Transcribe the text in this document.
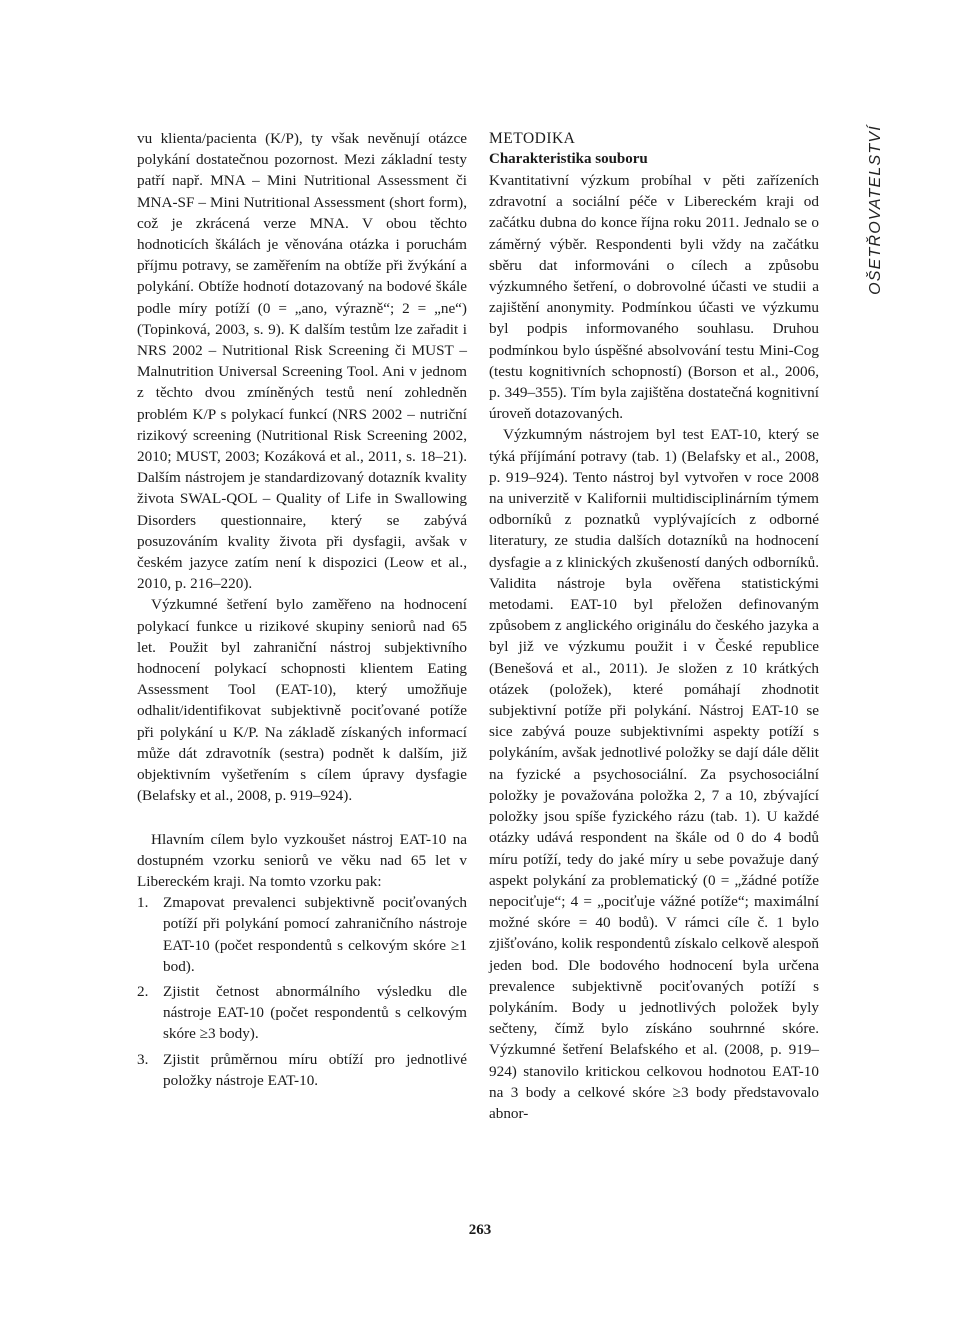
vu klienta/pacienta (K/P), ty však nevěnují otázce polykání dostatečnou pozornost. Mezi základní testy patří např. MNA – Mini Nutritional Assessment či MNA-SF – Mini Nutritional Assessment (short form), což je zkrácená verze MNA. V obou těchto hodnoticích škálách je věnována otázka i poruchám příjmu potravy, se zaměřením na obtíže při žvýkání a polykání. Obtíže hodnotí dotazovaný na bodové škále podle míry potíží (0 = „ano, výrazně“; 2 = „ne“) (Topinková, 2003, s. 9). K dalším testům lze zařadit i NRS 2002 – Nutritional Risk Screening či MUST – Malnutrition Universal Screening Tool. Ani v jednom z těchto dvou zmíněných testů není zohledněn problém K/P s polykací funkcí (NRS 2002 – nutriční rizikový screening (Nutritional Risk Screening 2002, 2010; MUST, 2003; Kozáková et al., 2011, s. 18–21). Dalším nástrojem je standardizovaný dotazník kvality života SWAL-QOL – Quality of Life in Swallowing Disorders questionnaire, který se zabývá posuzováním kvality života při dysfagii, avšak v českém jazyce zatím není k dispozici (Leow et al., 2010, p. 216–220).

Výzkumné šetření bylo zaměřeno na hodnocení polykací funkce u rizikové skupiny seniorů nad 65 let. Použit byl zahraniční nástroj subjektivního hodnocení polykací schopnosti klientem Eating Assessment Tool (EAT-10), který umožňuje odhalit/identifikovat subjektivně pociťované potíže při polykání u K/P. Na základě získaných informací může dát zdravotník (sestra) podnět k dalším, již objektivním vyšetřením s cílem úpravy dysfagie (Belafsky et al., 2008, p. 919–924).

Hlavním cílem bylo vyzkoušet nástroj EAT-10 na dostupném vzorku seniorů ve věku nad 65 let v Libereckém kraji. Na tomto vzorku pak:

1. Zmapovat prevalenci subjektivně pociťovaných potíží při polykání pomocí zahraničního nástroje EAT-10 (počet respondentů s celkovým skóre ≥1 bod).
2. Zjistit četnost abnormálního výsledku dle nástroje EAT-10 (počet respondentů s celkovým skóre ≥3 body).
3. Zjistit průměrnou míru obtíží pro jednotlivé položky nástroje EAT-10.
METODIKA
Charakteristika souboru

Kvantitativní výzkum probíhal v pěti zařízeních zdravotní a sociální péče v Libereckém kraji od začátku dubna do konce října roku 2011. Jednalo se o záměrný výběr. Respondenti byli vždy na začátku sběru dat informováni o cílech a způsobu výzkumného šetření, o dobrovolné účasti ve studii a zajištění anonymity. Podmínkou účasti ve výzkumu byl podpis informovaného souhlasu. Druhou podmínkou bylo úspěšné absolvování testu Mini-Cog (testu kognitivních schopností) (Borson et al., 2006, p. 349–355). Tím byla zajištěna dostatečná kognitivní úroveň dotazovaných.

Výzkumným nástrojem byl test EAT-10, který se týká příjímání potravy (tab. 1) (Belafsky et al., 2008, p. 919–924). Tento nástroj byl vytvořen v roce 2008 na univerzitě v Kalifornii multidisciplinárním týmem odborníků z poznatků vyplývajících z odborné literatury, ze studia dalších dotazníků na hodnocení dysfagie a z klinických zkušeností daných odborníků. Validita nástroje byla ověřena statistickými metodami. EAT-10 byl přeložen definovaným způsobem z anglického originálu do českého jazyka a byl již ve výzkumu použit i v České republice (Benešová et al., 2011). Je složen z 10 krátkých otázek (položek), které pomáhají zhodnotit subjektivní potíže při polykání. Nástroj EAT-10 se sice zabývá pouze subjektivními aspekty potíží s polykáním, avšak jednotlivé položky se dají dále dělit na fyzické a psychosociální. Za psychosociální položky je považována položka 2, 7 a 10, zbývající položky jsou spíše fyzického rázu (tab. 1). U každé otázky udává respondent na škále od 0 do 4 bodů míru potíží, tedy do jaké míry u sebe považuje daný aspekt polykání za problematický (0 = „žádné potíže nepociťuje“; 4 = „pociťuje vážné potíže“; maximální možné skóre = 40 bodů). V rámci cíle č. 1 bylo zjišťováno, kolik respondentů získalo celkově alespoň jeden bod. Dle bodového hodnocení byla určena prevalence subjektivně pociťovaných potíží s polykáním. Body u jednotlivých položek byly sečteny, čímž bylo získáno souhrnné skóre. Výzkumné šetření Belafského et al. (2008, p. 919–924) stanovilo kritickou celkovou hodnotou EAT-10 na 3 body a celkové skóre ≥3 body představovalo abnor-

OŠETŘOVATELSTVÍ
263
